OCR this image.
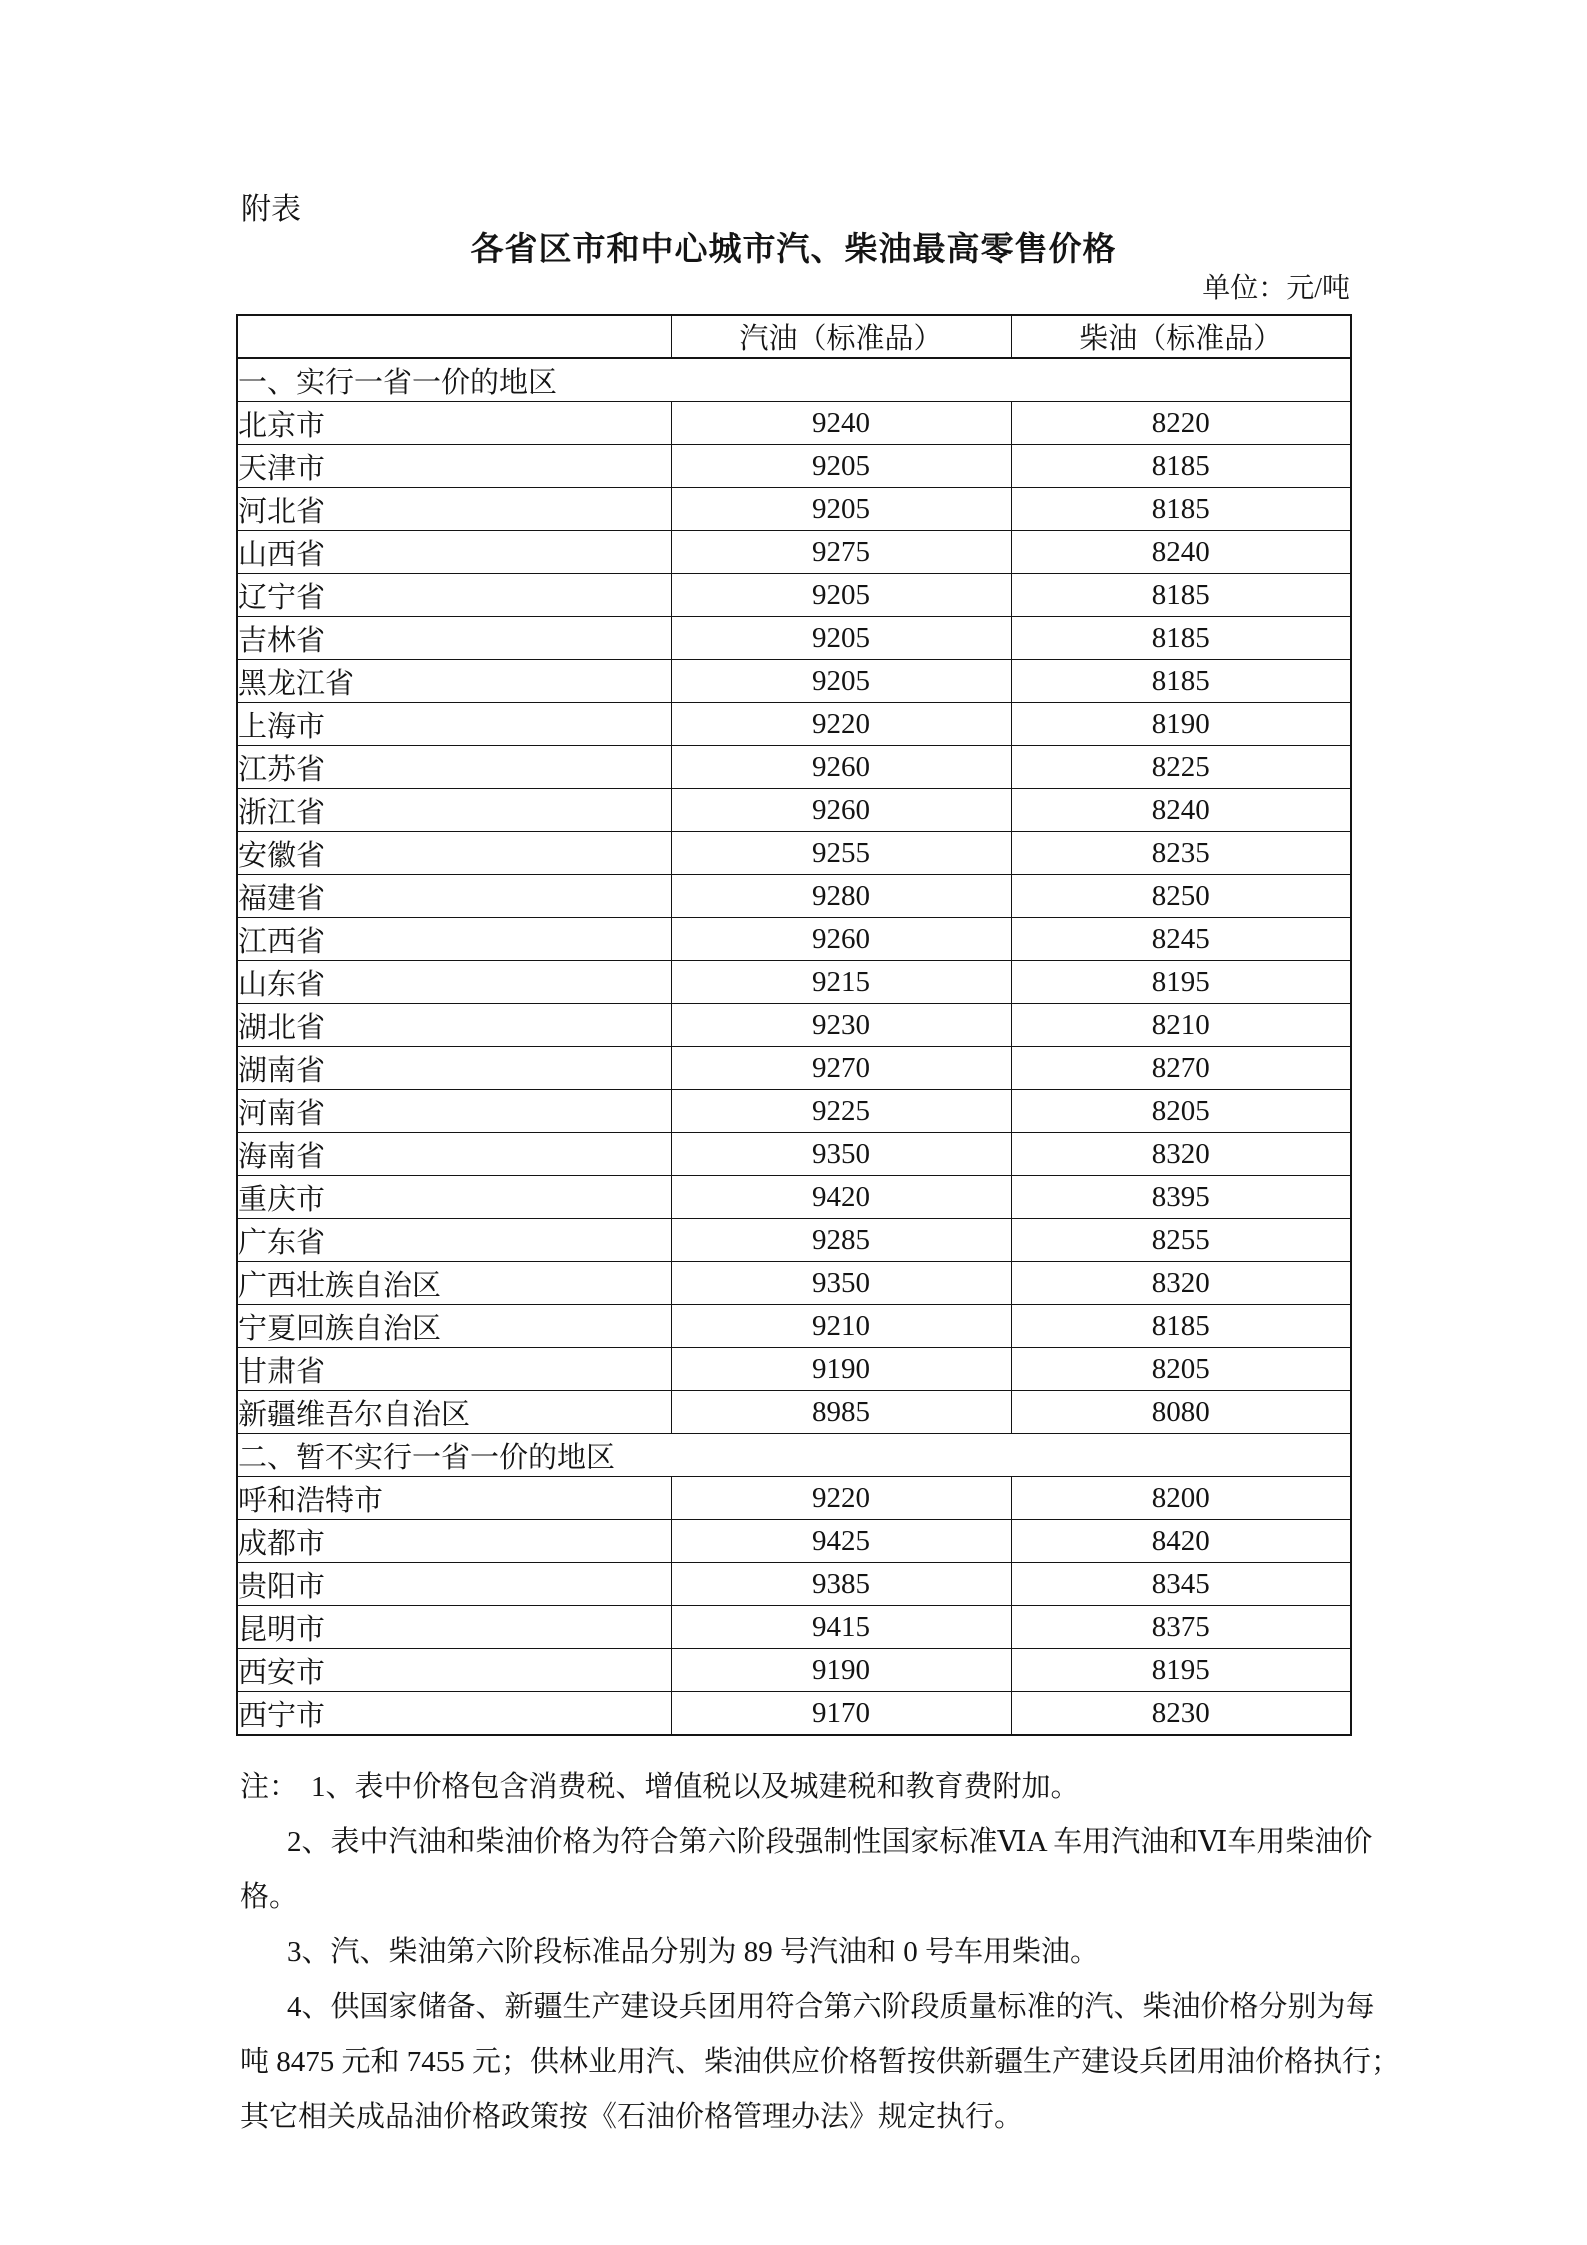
附表
各省区市和中心城市汽、柴油最高零售价格
单位：元/吨
	汽油（标准品）	柴油（标准品）
一、实行一省一价的地区		
北京市	9240	8220
天津市	9205	8185
河北省	9205	8185
山西省	9275	8240
辽宁省	9205	8185
吉林省	9205	8185
黑龙江省	9205	8185
上海市	9220	8190
江苏省	9260	8225
浙江省	9260	8240
安徽省	9255	8235
福建省	9280	8250
江西省	9260	8245
山东省	9215	8195
湖北省	9230	8210
湖南省	9270	8270
河南省	9225	8205
海南省	9350	8320
重庆市	9420	8395
广东省	9285	8255
广西壮族自治区	9350	8320
宁夏回族自治区	9210	8185
甘肃省	9190	8205
新疆维吾尔自治区	8985	8080
二、暂不实行一省一价的地区		
呼和浩特市	9220	8200
成都市	9425	8420
贵阳市	9385	8345
昆明市	9415	8375
西安市	9190	8195
西宁市	9170	8230
注： 1、表中价格包含消费税、增值税以及城建税和教育费附加。
2、表中汽油和柴油价格为符合第六阶段强制性国家标准ⅥA 车用汽油和Ⅵ车用柴油价
格。
3、汽、柴油第六阶段标准品分别为 89 号汽油和 0 号车用柴油。
4、供国家储备、新疆生产建设兵团用符合第六阶段质量标准的汽、柴油价格分别为每
吨 8475 元和 7455 元；供林业用汽、柴油供应价格暂按供新疆生产建设兵团用油价格执行；
其它相关成品油价格政策按《石油价格管理办法》规定执行。
